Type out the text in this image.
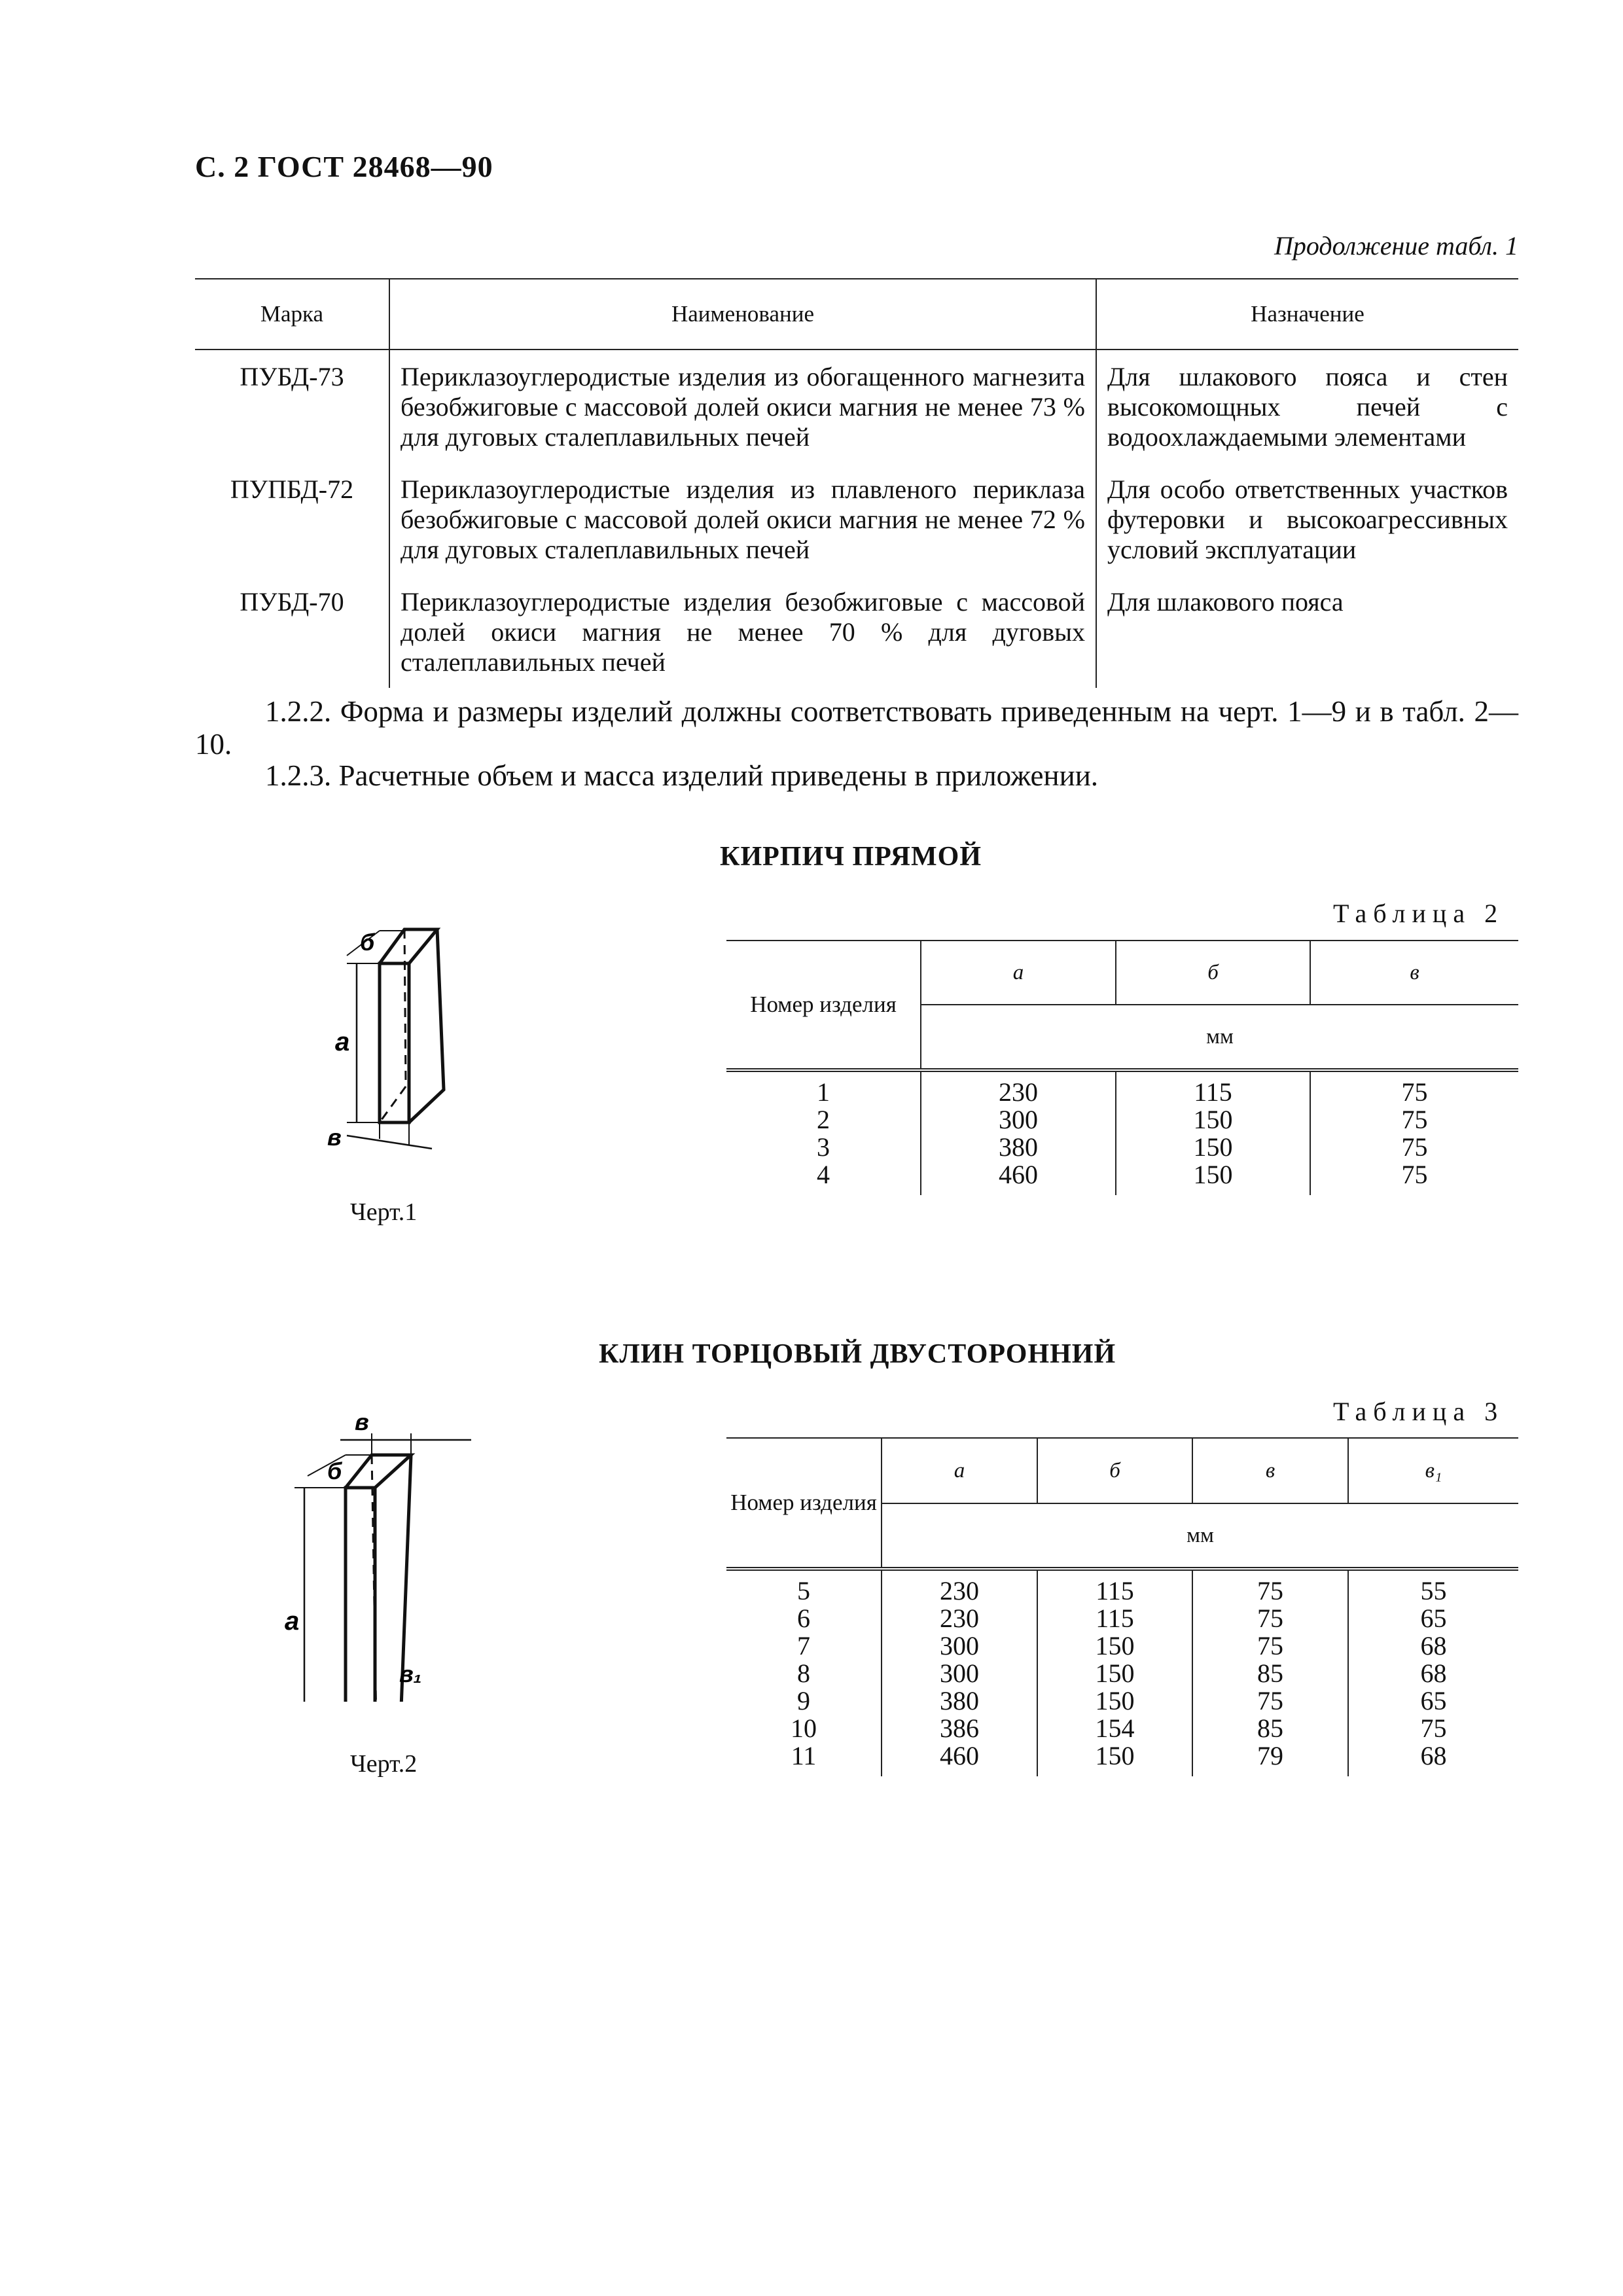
С. 2 ГОСТ 28468—90
Продолжение табл. 1
Марка	Наименование	Назначение
ПУБД-73	Периклазоуглеродистые изделия из обогащенного магнезита безобжиговые с массовой долей окиси магния не менее 73 % для дуговых сталеплавильных печей	Для шлакового пояса и стен высокомощных печей с водоохлаждаемыми элементами
ПУПБД-72	Периклазоуглеродистые изделия из плавленого периклаза безобжиговые с массовой долей окиси магния не менее 72 % для дуговых сталеплавильных печей	Для особо ответственных участков футеровки и высокоагрессивных условий эксплуатации
ПУБД-70	Периклазоуглеродистые изделия безобжиговые с массовой долей окиси магния не менее 70 % для дуговых сталеплавильных печей	Для шлакового пояса
1.2.2. Форма и размеры изделий должны соответствовать приведенным на черт. 1—9 и в табл. 2—10.
1.2.3. Расчетные объем и масса изделий приведены в приложении.
КИРПИЧ ПРЯМОЙ
Таблица 2
а
б
в
Черт.1
Номер изделия	а	б	в
	мм		

1	230	115	75
2	300	150	75
3	380	150	75
4	460	150	75
КЛИН ТОРЦОВЫЙ ДВУСТОРОННИЙ
Таблица 3
а
б
в
в₁
Черт.2
Номер изделия	а	б	в	в₁
	мм			

5	230	115	75	55
6	230	115	75	65
7	300	150	75	68
8	300	150	85	68
9	380	150	75	65
10	386	154	85	75
11	460	150	79	68
